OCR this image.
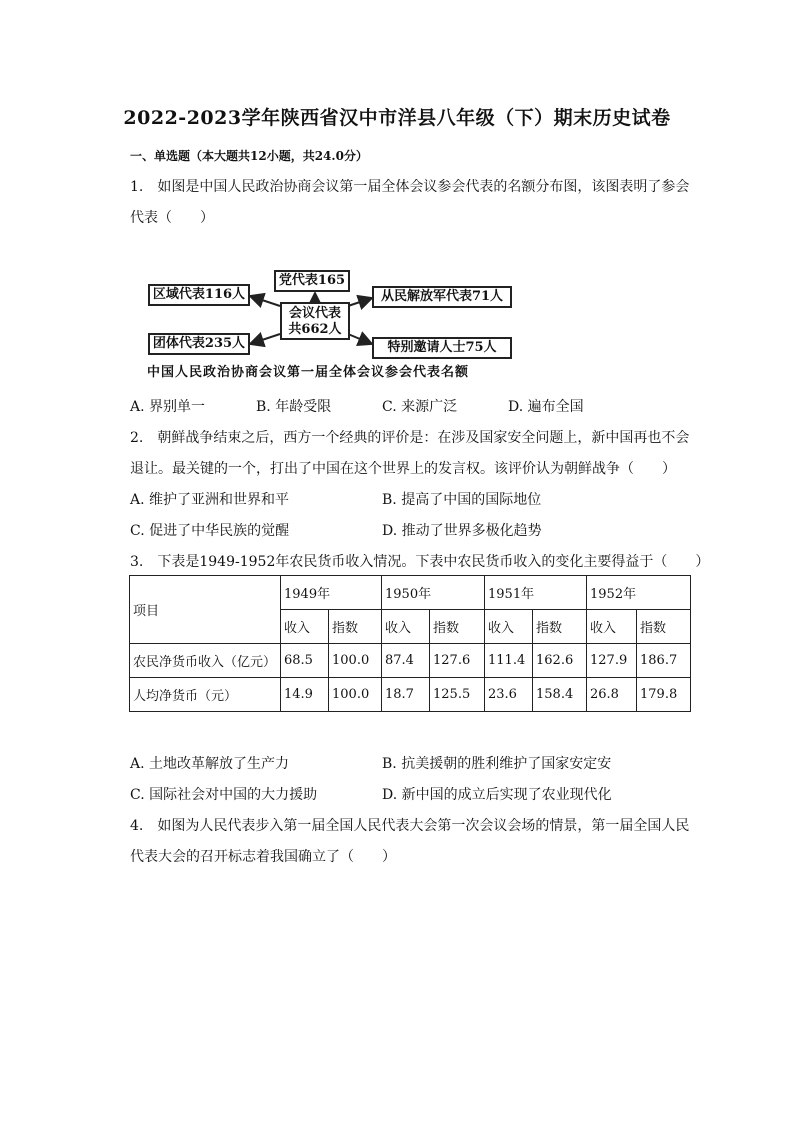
2022-2023学年陕西省汉中市洋县八年级（下）期末历史试卷
一、单选题（本大题共12小题，共24.0分）
1.　如图是中国人民政治协商会议第一届全体会议参会代表的名额分布图，该图表明了参会
代表（　　）
党代表165
区域代表116人
团体代表235人
从民解放军代表71人
特别邀请人士75人
会议代表
共662人
中国人民政治协商会议第一届全体会议参会代表名额
A. 界别单一	B. 年龄受限	C. 来源广泛	D. 遍布全国
2.　朝鲜战争结束之后，西方一个经典的评价是：在涉及国家安全问题上，新中国再也不会
退让。最关键的一个，打出了中国在这个世界上的发言权。该评价认为朝鲜战争（　　）
A. 维护了亚洲和世界和平	B. 提高了中国的国际地位
C. 促进了中华民族的觉醒	D. 推动了世界多极化趋势
3.　下表是1949-1952年农民货币收入情况。下表中农民货币收入的变化主要得益于（　　）
项目	1949年		1950年		1951年		1952年	
	收入	指数	收入	指数	收入	指数	收入	指数
农民净货币收入（亿元）	68.5	100.0	87.4	127.6	111.4	162.6	127.9	186.7
人均净货币（元）	14.9	100.0	18.7	125.5	23.6	158.4	26.8	179.8
A. 土地改革解放了生产力	B. 抗美援朝的胜利维护了国家安定安
C. 国际社会对中国的大力援助	D. 新中国的成立后实现了农业现代化
4.　如图为人民代表步入第一届全国人民代表大会第一次会议会场的情景，第一届全国人民
代表大会的召开标志着我国确立了（　　）
